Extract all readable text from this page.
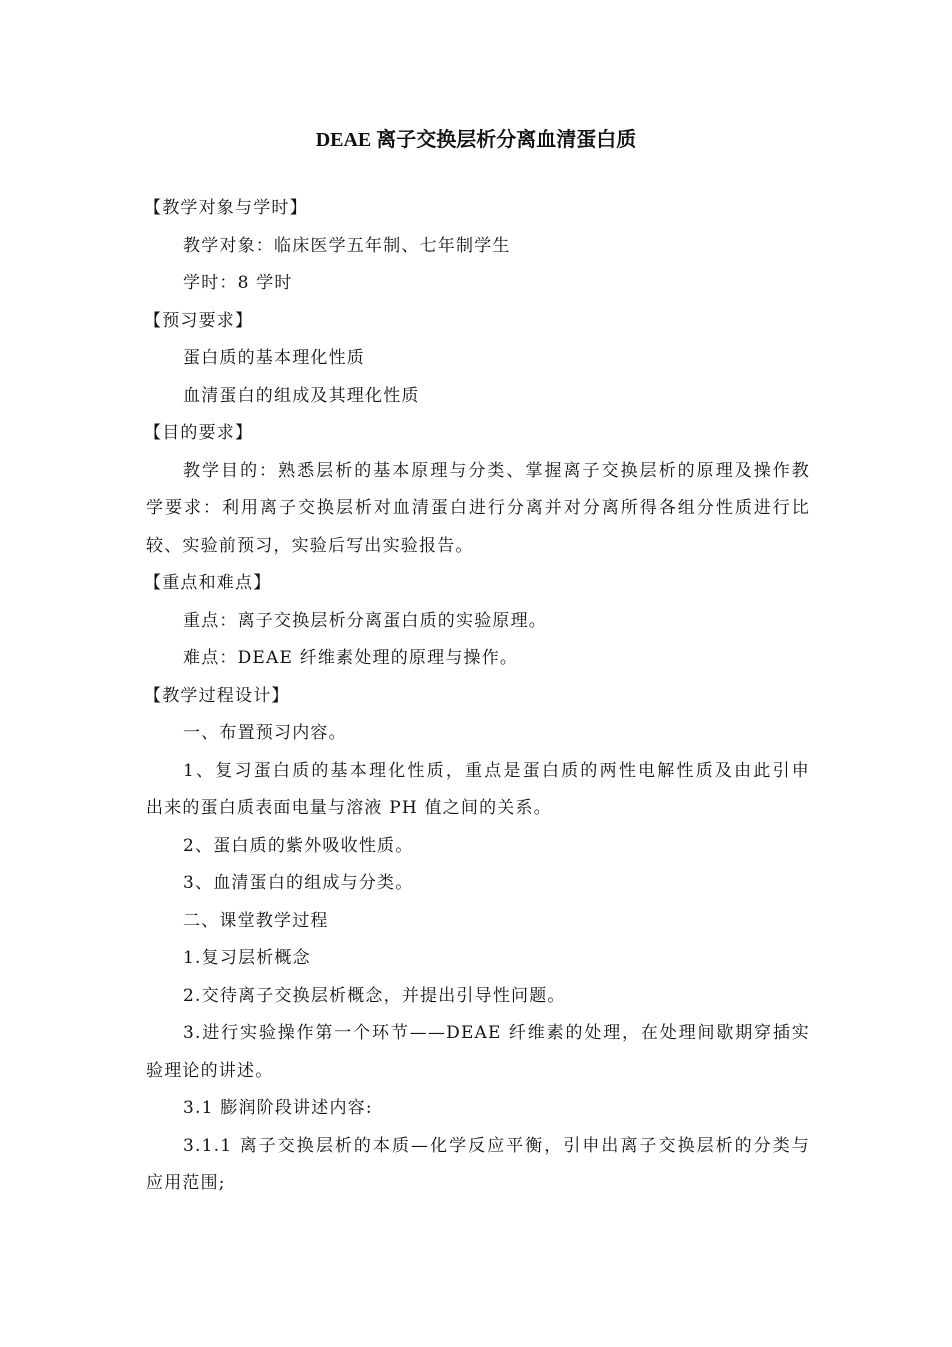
DEAE 离子交换层析分离血清蛋白质
【教学对象与学时】
教学对象：临床医学五年制、七年制学生
学时：8 学时
【预习要求】
蛋白质的基本理化性质
血清蛋白的组成及其理化性质
【目的要求】
教学目的：熟悉层析的基本原理与分类、掌握离子交换层析的原理及操作教
学要求：利用离子交换层析对血清蛋白进行分离并对分离所得各组分性质进行比
较、实验前预习，实验后写出实验报告。
【重点和难点】
重点：离子交换层析分离蛋白质的实验原理。
难点：DEAE 纤维素处理的原理与操作。
【教学过程设计】
一、布置预习内容。
1、复习蛋白质的基本理化性质，重点是蛋白质的两性电解性质及由此引申
出来的蛋白质表面电量与溶液 PH 值之间的关系。
2、蛋白质的紫外吸收性质。
3、血清蛋白的组成与分类。
二、课堂教学过程
1.复习层析概念
2.交待离子交换层析概念，并提出引导性问题。
3.进行实验操作第一个环节——DEAE 纤维素的处理，在处理间歇期穿插实
验理论的讲述。
3.1 膨润阶段讲述内容:
3.1.1 离子交换层析的本质—化学反应平衡，引申出离子交换层析的分类与
应用范围;
